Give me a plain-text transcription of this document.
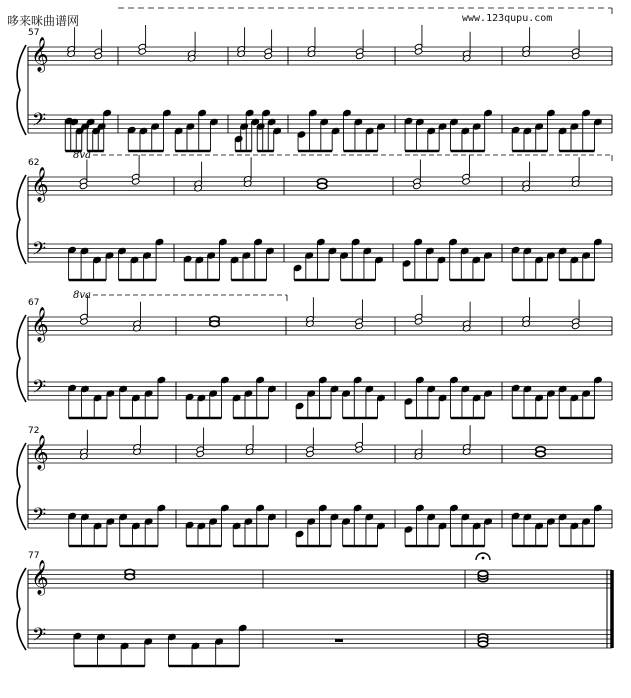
哆来咪曲谱网	www.123qupu.com
𝄞
𝄢
57
𝄞
𝄢
62
8va
𝄞
𝄢
67
8va
𝄞
𝄢
72
𝄞
𝄢
77
